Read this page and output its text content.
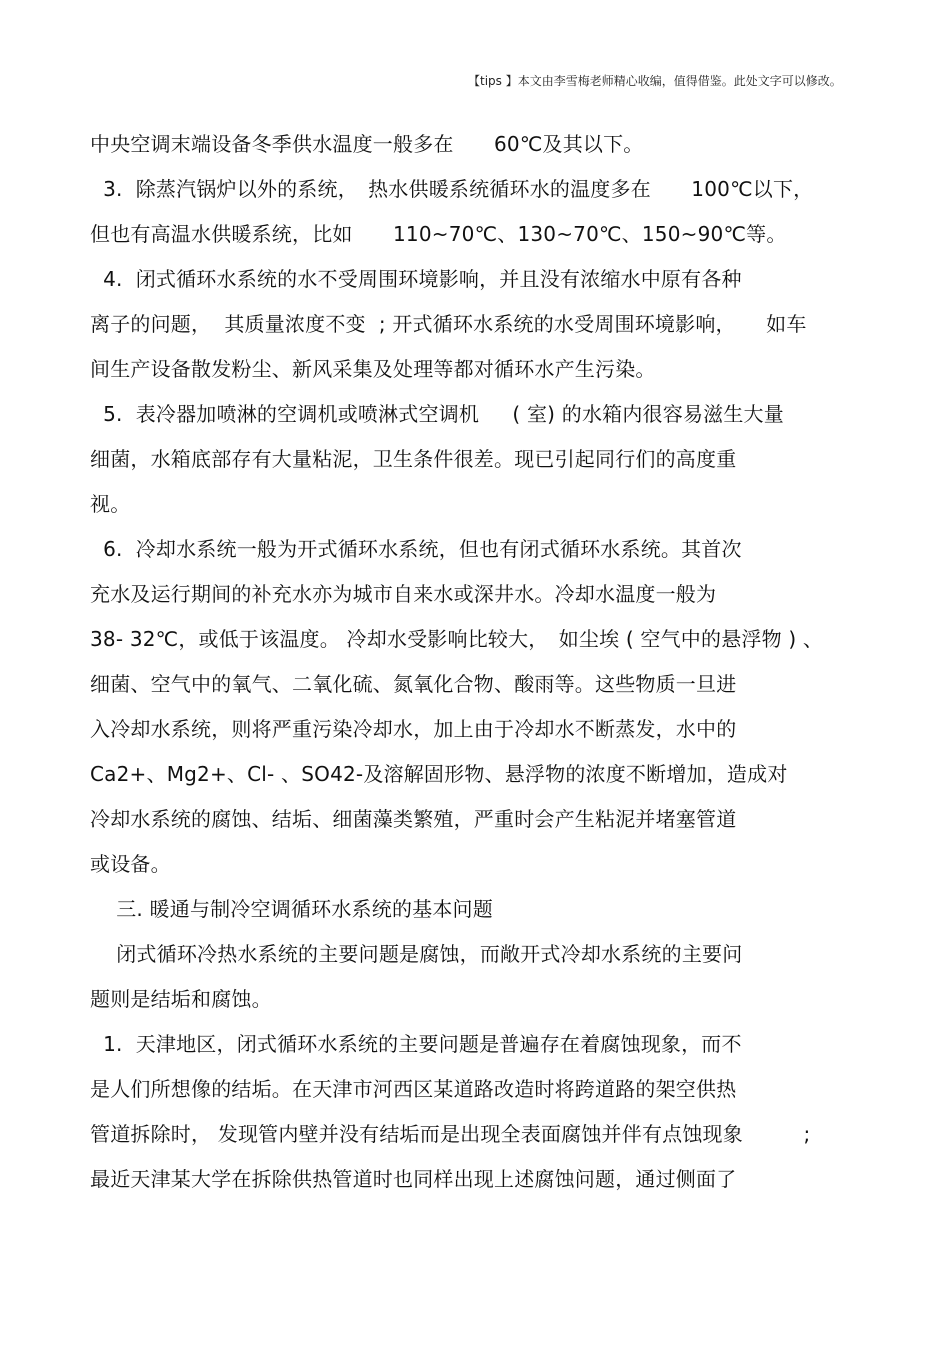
【tips 】本文由李雪梅老师精心收编，值得借鉴。此处文字可以修改。
中央空调末端设备冬季供水温度一般多在　　60℃及其以下。
3.  除蒸汽锅炉以外的系统，　热水供暖系统循环水的温度多在　　100℃以下，
但也有高温水供暖系统，比如　　110~70℃、130~70℃、150~90℃等。
4.  闭式循环水系统的水不受周围环境影响，并且没有浓缩水中原有各种
离子的问题，  其质量浓度不变  ; 开式循环水系统的水受周围环境影响，　　如车
间生产设备散发粉尘、新风采集及处理等都对循环水产生污染。
5.  表冷器加喷淋的空调机或喷淋式空调机　  ( 室) 的水箱内很容易滋生大量
细菌，水箱底部存有大量粘泥，卫生条件很差。现已引起同行们的高度重
视。
6.  冷却水系统一般为开式循环水系统，但也有闭式循环水系统。其首次
充水及运行期间的补充水亦为城市自来水或深井水。冷却水温度一般为
38- 32℃，或低于该温度。 冷却水受影响比较大，　如尘埃 ( 空气中的悬浮物 ) 、
细菌、空气中的氧气、二氧化硫、氮氧化合物、酸雨等。这些物质一旦进
入冷却水系统，则将严重污染冷却水，加上由于冷却水不断蒸发，水中的
Ca2+、Mg2+、Cl- 、SO42-及溶解固形物、悬浮物的浓度不断增加，造成对
冷却水系统的腐蚀、结垢、细菌藻类繁殖，严重时会产生粘泥并堵塞管道
或设备。
三. 暖通与制冷空调循环水系统的基本问题
闭式循环冷热水系统的主要问题是腐蚀，而敞开式冷却水系统的主要问
题则是结垢和腐蚀。
1.  天津地区，闭式循环水系统的主要问题是普遍存在着腐蚀现象，而不
是人们所想像的结垢。在天津市河西区某道路改造时将跨道路的架空供热
管道拆除时， 发现管内壁并没有结垢而是出现全表面腐蚀并伴有点蚀现象　　　;
最近天津某大学在拆除供热管道时也同样出现上述腐蚀问题，通过侧面了
